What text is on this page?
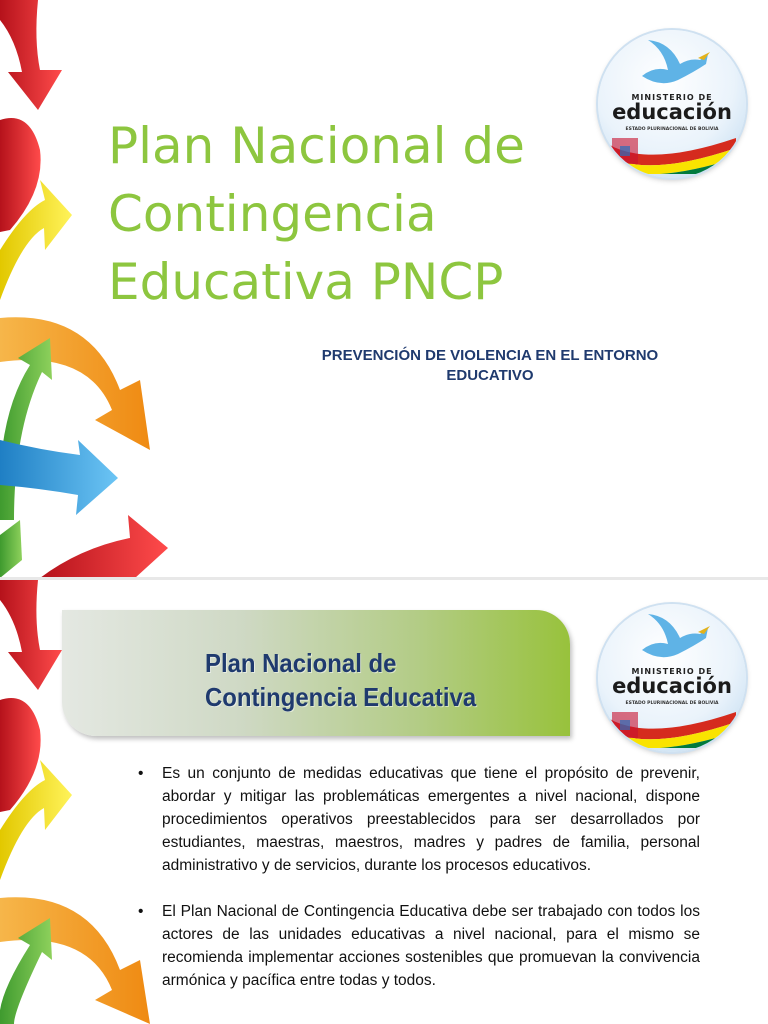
Plan Nacional de Contingencia Educativa PNCP

PREVENCIÓN DE VIOLENCIA EN EL ENTORNO EDUCATIVO

MINISTERIO DE
educación
ESTADO PLURINACIONAL DE BOLIVIA
Plan Nacional de Contingencia Educativa
MINISTERIO DE
educación
ESTADO PLURINACIONAL DE BOLIVIA
• Es un conjunto de medidas educativas que tiene el propósito de prevenir, abordar y mitigar las problemáticas emergentes a nivel nacional, dispone procedimientos operativos preestablecidos para ser desarrollados por estudiantes, maestras, maestros, madres y padres de familia, personal administrativo y de servicios, durante los procesos educativos.
• El Plan Nacional de Contingencia Educativa debe ser trabajado con todos los actores de las unidades educativas a nivel nacional, para el mismo se recomienda implementar acciones sostenibles que promuevan la convivencia armónica y pacífica entre todas y todos.
